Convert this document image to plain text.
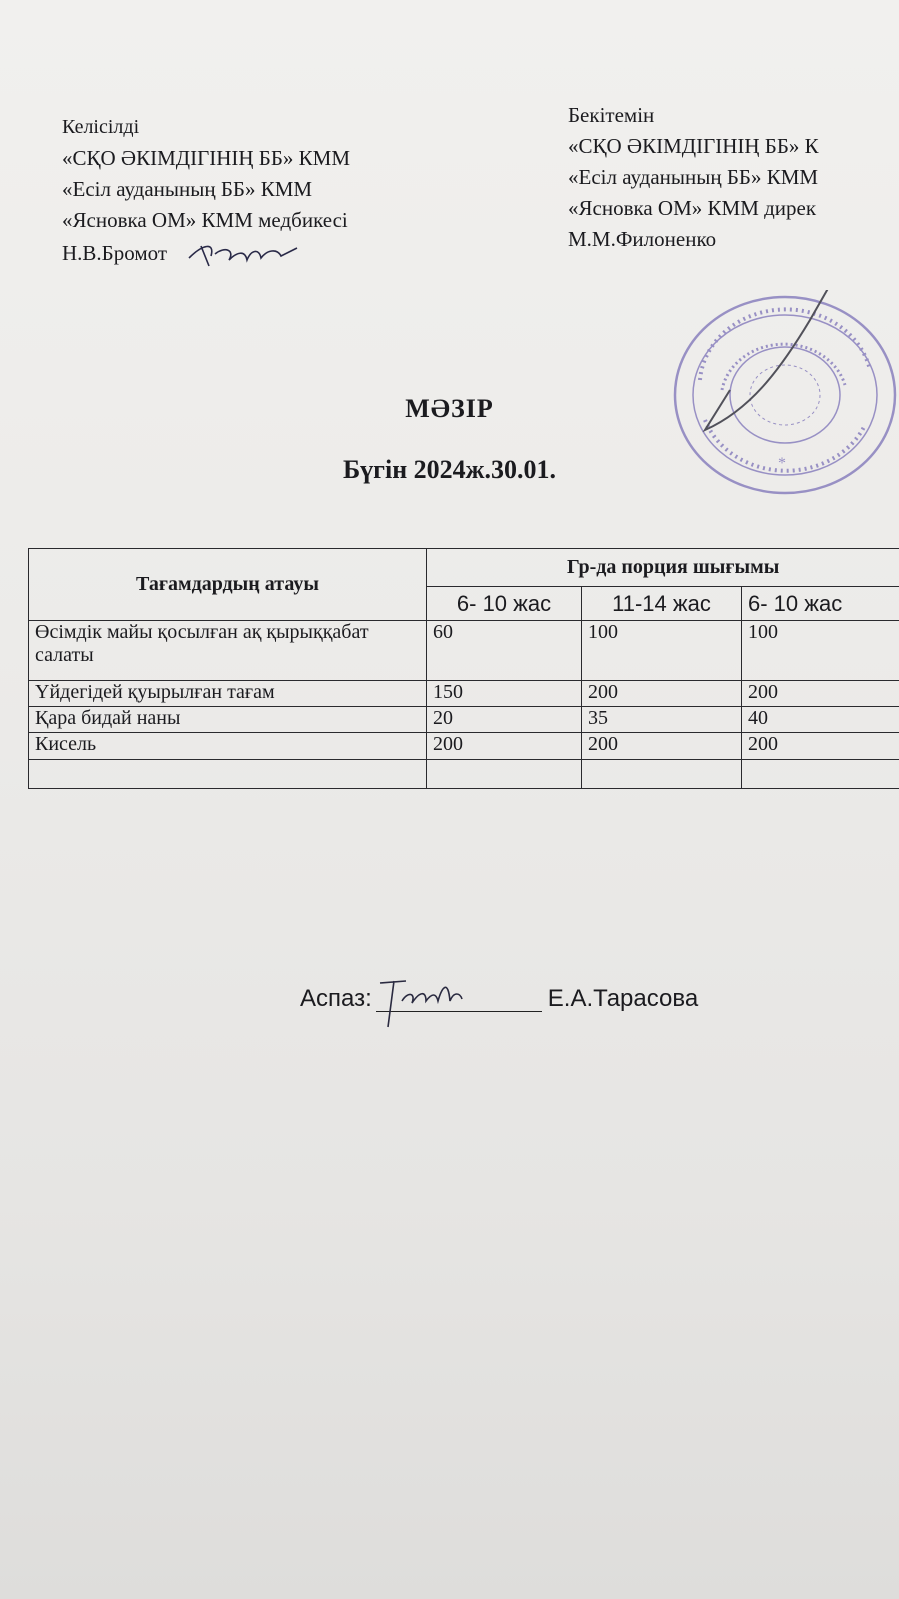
Келісілді
«СҚО ӘКІМДІГІНІҢ ББ» КММ
«Есіл ауданының ББ» КММ
«Ясновка ОМ» КММ медбикесі
Н.В.Бромот
Бекітемін
«СҚО ӘКІМДІГІНІҢ ББ» К
«Есіл ауданының ББ» КММ
«Ясновка ОМ» КММ дирек
М.М.Филоненко
*
МӘЗІР
Бүгін 2024ж.30.01.
Тағамдардың атауы	Гр-да порция шығымы		
	6- 10 жас	11-14 жас	6- 10 жас
Өсімдік майы қосылған ақ қырыққабат салаты	60	100	100
Үйдегідей қуырылған тағам	150	200	200
Қара бидай наны	20	35	40
Кисель	200	200	200

Аспаз:	Е.А.Тарасова
